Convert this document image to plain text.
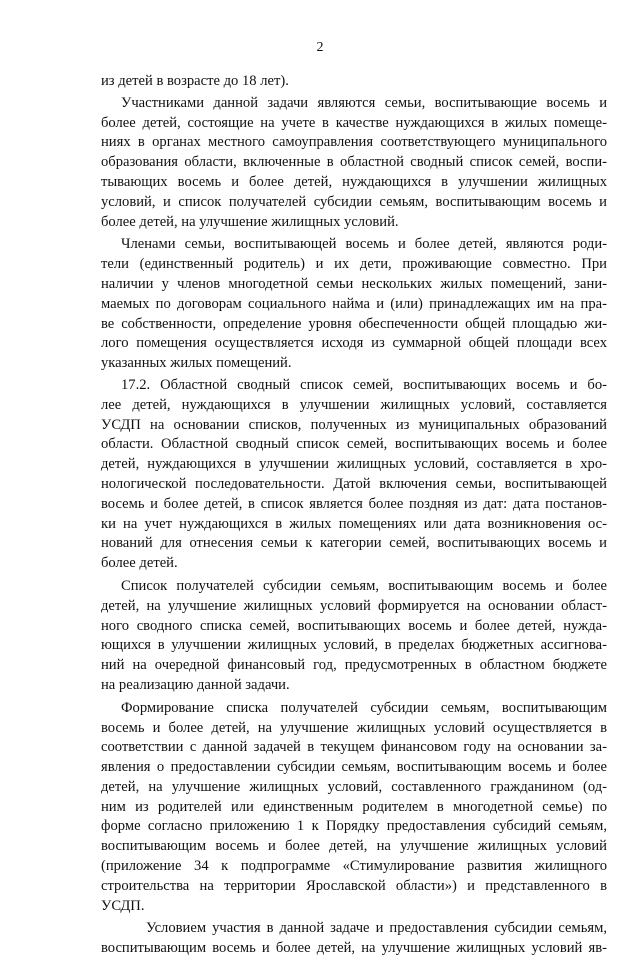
2
из детей в возрасте до 18 лет).
Участниками данной задачи являются семьи, воспитывающие восемь и
более детей, состоящие на учете в качестве нуждающихся в жилых помеще-
ниях в органах местного самоуправления соответствующего муниципального
образования области, включенные в областной сводный список семей, воспи-
тывающих восемь и более детей, нуждающихся в улучшении жилищных
условий, и список получателей субсидии семьям, воспитывающим восемь и
более детей, на улучшение жилищных условий.
Членами семьи, воспитывающей восемь и более детей, являются роди-
тели (единственный родитель) и их дети, проживающие совместно. При
наличии у членов многодетной семьи нескольких жилых помещений, зани-
маемых по договорам социального найма и (или) принадлежащих им на пра-
ве собственности, определение уровня обеспеченности общей площадью жи-
лого помещения осуществляется исходя из суммарной общей площади всех
указанных жилых помещений.
17.2. Областной сводный список семей, воспитывающих восемь и бо-
лее детей, нуждающихся в улучшении жилищных условий, составляется
УСДП на основании списков, полученных из муниципальных образований
области. Областной сводный список семей, воспитывающих восемь и более
детей, нуждающихся в улучшении жилищных условий, составляется в хро-
нологической последовательности. Датой включения семьи, воспитывающей
восемь и более детей, в список является более поздняя из дат: дата постанов-
ки на учет нуждающихся в жилых помещениях или дата возникновения ос-
нований для отнесения семьи к категории семей, воспитывающих восемь и
более детей.
Список получателей субсидии семьям, воспитывающим восемь и более
детей, на улучшение жилищных условий формируется на основании област-
ного сводного списка семей, воспитывающих восемь и более детей, нужда-
ющихся в улучшении жилищных условий, в пределах бюджетных ассигнова-
ний на очередной финансовый год, предусмотренных в областном бюджете
на реализацию данной задачи.
Формирование списка получателей субсидии семьям, воспитывающим
восемь и более детей, на улучшение жилищных условий осуществляется в
соответствии с данной задачей в текущем финансовом году на основании за-
явления о предоставлении субсидии семьям, воспитывающим восемь и более
детей, на улучшение жилищных условий, составленного гражданином (од-
ним из родителей или единственным родителем в многодетной семье) по
форме согласно приложению 1 к Порядку предоставления субсидий семьям,
воспитывающим восемь и более детей, на улучшение жилищных условий
(приложение 34 к подпрограмме «Стимулирование развития жилищного
строительства на территории Ярославской области») и представленного в
УСДП.
Условием участия в данной задаче и предоставления субсидии семьям,
воспитывающим восемь и более детей, на улучшение жилищных условий яв-
